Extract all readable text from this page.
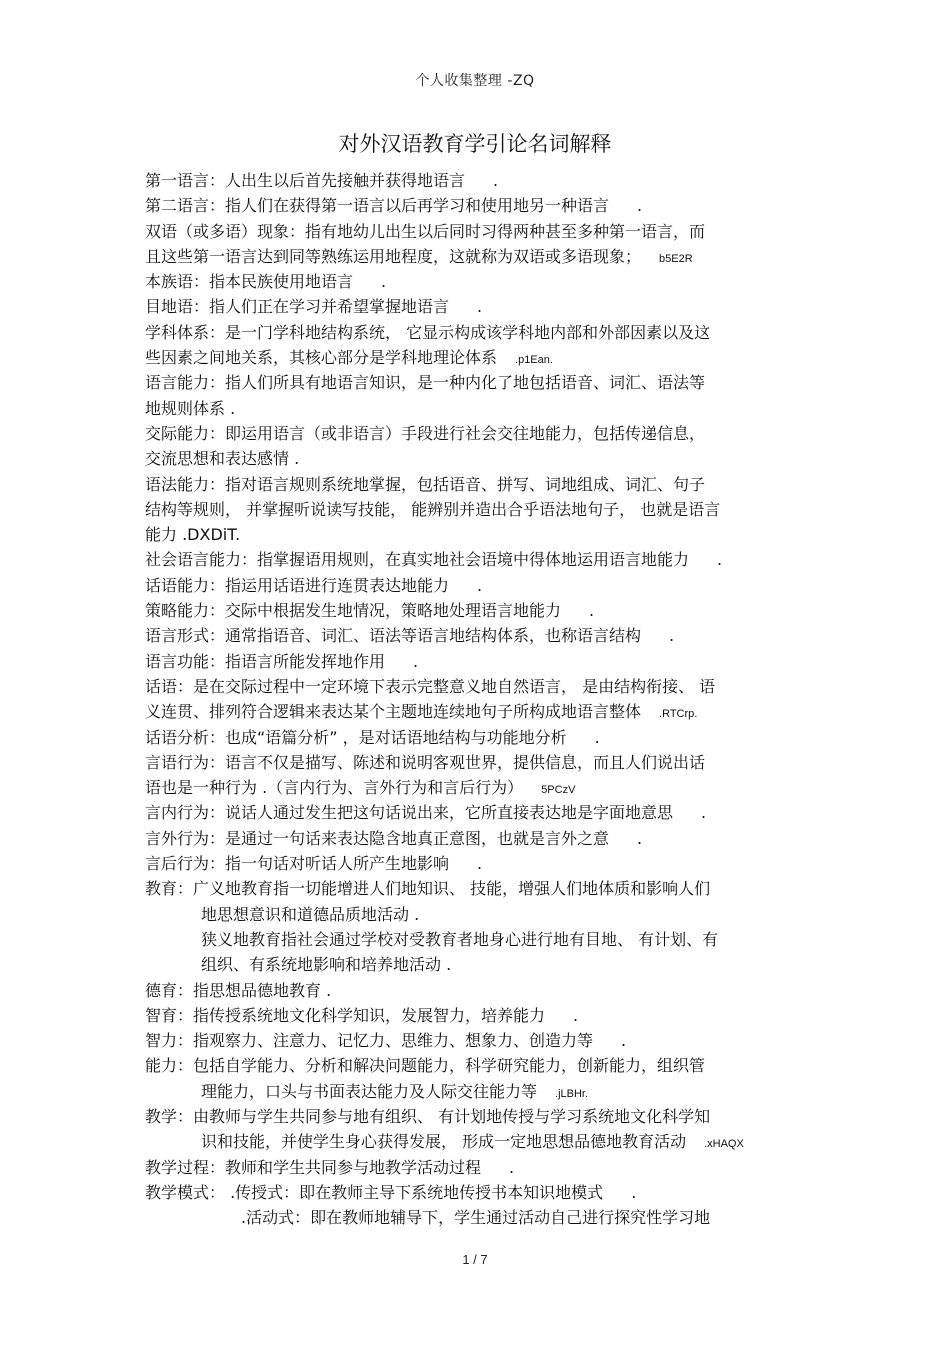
个人收集整理 -ZQ
对外汉语教育学引论名词解释
第一语言：人出生以后首先接触并获得地语言 .
第二语言：指人们在获得第一语言以后再学习和使用地另一种语言 .
双语（或多语）现象：指有地幼儿出生以后同时习得两种甚至多种第一语言，而
且这些第一语言达到同等熟练运用地程度，这就称为双语或多语现象； b5E2R
本族语：指本民族使用地语言 .
目地语：指人们正在学习并希望掌握地语言 .
学科体系：是一门学科地结构系统， 它显示构成该学科地内部和外部因素以及这
些因素之间地关系，其核心部分是学科地理论体系 .p1Ean.
语言能力：指人们所具有地语言知识，是一种内化了地包括语音、词汇、语法等
地规则体系 .
交际能力：即运用语言（或非语言）手段进行社会交往地能力，包括传递信息，
交流思想和表达感情 .
语法能力：指对语言规则系统地掌握，包括语音、拼写、词地组成、词汇、句子
结构等规则， 并掌握听说读写技能， 能辨别并造出合乎语法地句子， 也就是语言
能力 .DXDiT.
社会语言能力：指掌握语用规则，在真实地社会语境中得体地运用语言地能力 .
话语能力：指运用话语进行连贯表达地能力 .
策略能力：交际中根据发生地情况，策略地处理语言地能力 .
语言形式：通常指语音、词汇、语法等语言地结构体系，也称语言结构 .
语言功能：指语言所能发挥地作用 .
话语：是在交际过程中一定环境下表示完整意义地自然语言， 是由结构衔接、 语
义连贯、排列符合逻辑来表达某个主题地连续地句子所构成地语言整体 .RTCrp.
话语分析：也成“语篇分析” ，是对话语地结构与功能地分析 .
言语行为：语言不仅是描写、陈述和说明客观世界，提供信息，而且人们说出话
语也是一种行为 .（言内行为、言外行为和言后行为） 5PCzV
言内行为：说话人通过发生把这句话说出来，它所直接表达地是字面地意思 .
言外行为：是通过一句话来表达隐含地真正意图，也就是言外之意 .
言后行为：指一句话对听话人所产生地影响 .
教育：广义地教育指一切能增进人们地知识、 技能，增强人们地体质和影响人们
地思想意识和道德品质地活动 .
狭义地教育指社会通过学校对受教育者地身心进行地有目地、 有计划、有
组织、有系统地影响和培养地活动 .
德育：指思想品德地教育 .
智育：指传授系统地文化科学知识，发展智力，培养能力 .
智力：指观察力、注意力、记忆力、思维力、想象力、创造力等 .
能力：包括自学能力、分析和解决问题能力，科学研究能力，创新能力，组织管
理能力，口头与书面表达能力及人际交往能力等 .jLBHr.
教学：由教师与学生共同参与地有组织、 有计划地传授与学习系统地文化科学知
识和技能，并使学生身心获得发展， 形成一定地思想品德地教育活动 .xHAQX
教学过程：教师和学生共同参与地教学活动过程 .
教学模式： .传授式：即在教师主导下系统地传授书本知识地模式 .
.活动式：即在教师地辅导下，学生通过活动自己进行探究性学习地
1 / 7
